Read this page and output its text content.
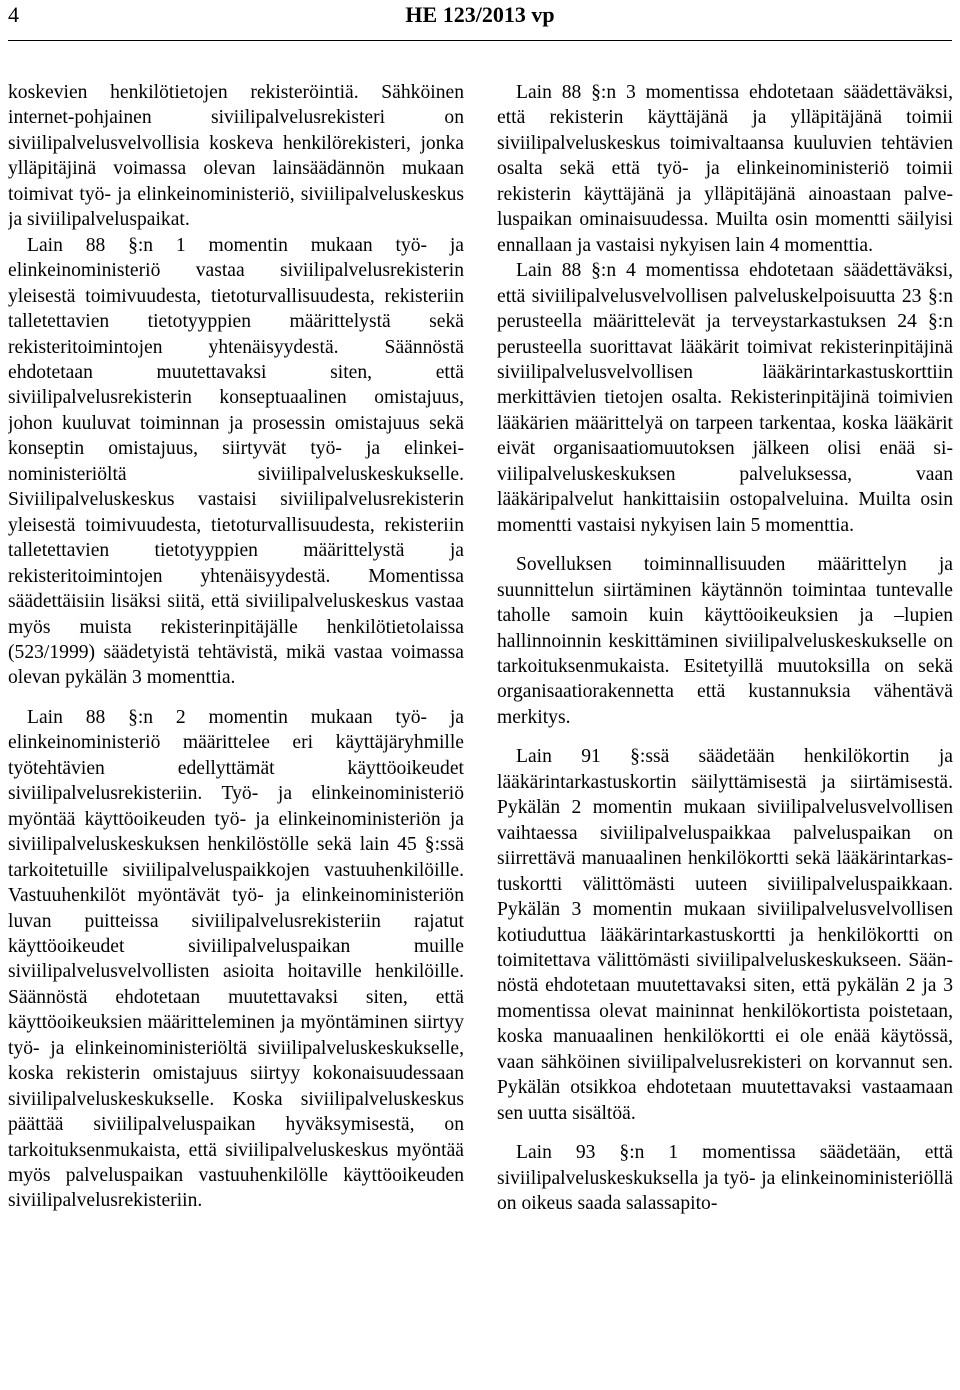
4	HE 123/2013 vp

koskevien henkilötietojen rekisteröintiä. Sähköinen internet-pohjainen siviilipalvelusrekisteri on siviilipalvelusvelvollisia koskeva henkilörekisteri, jonka ylläpitäjinä voimassa olevan lainsäädännön mukaan toimivat työ- ja elinkeinoministeriö, siviilipalveluskeskus ja siviilipalveluspaikat.

Lain 88 §:n 1 momentin mukaan työ- ja elinkeinoministeriö vastaa siviilipalvelusrekisterin yleisestä toimivuudesta, tietoturvallisuudesta, rekisteriin talletettavien tietotyyppien määrittelystä sekä rekisteritoimintojen yhtenäisyydestä. Säännöstä ehdotetaan muutettavaksi siten, että siviilipalvelusrekisterin konseptuaalinen omistajuus, johon kuuluvat toiminnan ja prosessin omistajuus sekä konseptin omistajuus, siirtyvät työ- ja elinkeinoministeriöltä siviilipalveluskeskukselle. Siviilipalveluskeskus vastaisi siviilipalvelusrekisterin yleisestä toimivuudesta, tietoturvallisuudesta, rekisteriin talletettavien tietotyyppien määrittelystä ja rekisteritoimintojen yhtenäisyydestä. Momentissa säädettäisiin lisäksi siitä, että siviilipalveluskeskus vastaa myös muista rekisterinpitäjälle henkilötietolaissa (523/1999) säädetyistä tehtävistä, mikä vastaa voimassa olevan pykälän 3 momenttia.

Lain 88 §:n 2 momentin mukaan työ- ja elinkeinoministeriö määrittelee eri käyttäjäryhmille työtehtävien edellyttämät käyttöoikeudet siviilipalvelusrekisteriin. Työ- ja elinkeinoministeriö myöntää käyttöoikeuden työ- ja elinkeinoministeriön ja siviilipalveluskeskuksen henkilöstölle sekä lain 45 §:ssä tarkoitetuille siviilipalveluspaikkojen vastuuhenkilöille. Vastuuhenkilöt myöntävät työ- ja elinkeinoministeriön luvan puitteissa siviilipalvelusrekisteriin rajatut käyttöoikeudet siviilipalveluspaikan muille siviilipalvelusvelvollisten asioita hoitaville henkilöille. Säännöstä ehdotetaan muutettavaksi siten, että käyttöoikeuksien määritteleminen ja myöntäminen siirtyy työ- ja elinkeinoministeriöltä siviilipalveluskeskukselle, koska rekisterin omistajuus siirtyy kokonaisuudessaan siviilipalveluskeskukselle. Koska siviilipalveluskeskus päättää siviilipalveluspaikan hyväksymisestä, on tarkoituksenmukaista, että siviilipalveluskeskus myöntää myös palveluspaikan vastuuhenkilölle käyttöoikeuden siviilipalvelusrekisteriin.

Lain 88 §:n 3 momentissa ehdotetaan säädettäväksi, että rekisterin käyttäjänä ja ylläpitäjänä toimii siviilipalveluskeskus toimivaltaansa kuuluvien tehtävien osalta sekä että työ- ja elinkeinoministeriö toimii rekisterin käyttäjänä ja ylläpitäjänä ainoastaan palveluspaikan ominaisuudessa. Muilta osin momentti säilyisi ennallaan ja vastaisi nykyisen lain 4 momenttia.

Lain 88 §:n 4 momentissa ehdotetaan säädettäväksi, että siviilipalvelusvelvollisen palveluskelpoisuutta 23 §:n perusteella määrittelevät ja terveystarkastuksen 24 §:n perusteella suorittavat lääkärit toimivat rekisterinpitäjinä siviilipalvelusvelvollisen lääkärintarkastuskorttiin merkittävien tietojen osalta. Rekisterinpitäjinä toimivien lääkärien määrittelyä on tarpeen tarkentaa, koska lääkärit eivät organisaatiomuutoksen jälkeen olisi enää siviilipalveluskeskuksen palveluksessa, vaan lääkäripalvelut hankittaisiin ostopalveluina. Muilta osin momentti vastaisi nykyisen lain 5 momenttia.

Sovelluksen toiminnallisuuden määrittelyn ja suunnittelun siirtäminen käytännön toimintaa tuntevalle taholle samoin kuin käyttöoikeuksien ja –lupien hallinnoinnin keskittäminen siviilipalveluskeskukselle on tarkoituksenmukaista. Esitetyillä muutoksilla on sekä organisaatiorakennetta että kustannuksia vähentävä merkitys.

Lain 91 §:ssä säädetään henkilökortin ja lääkärintarkastuskortin säilyttämisestä ja siirtämisestä. Pykälän 2 momentin mukaan siviilipalvelusvelvollisen vaihtaessa siviilipalveluspaikkaa palveluspaikan on siirrettävä manuaalinen henkilökortti sekä lääkärintarkastuskortti välittömästi uuteen siviilipalveluspaikkaan. Pykälän 3 momentin mukaan siviilipalvelusvelvollisen kotiuduttua lääkärintarkastuskortti ja henkilökortti on toimitettava välittömästi siviilipalveluskeskukseen. Säännöstä ehdotetaan muutettavaksi siten, että pykälän 2 ja 3 momentissa olevat maininnat henkilökortista poistetaan, koska manuaalinen henkilökortti ei ole enää käytössä, vaan sähköinen siviilipalvelusrekisteri on korvannut sen. Pykälän otsikkoa ehdotetaan muutettavaksi vastaamaan sen uutta sisältöä.

Lain 93 §:n 1 momentissa säädetään, että siviilipalveluskeskuksella ja työ- ja elinkeinoministeriöllä on oikeus saada salassapito-
